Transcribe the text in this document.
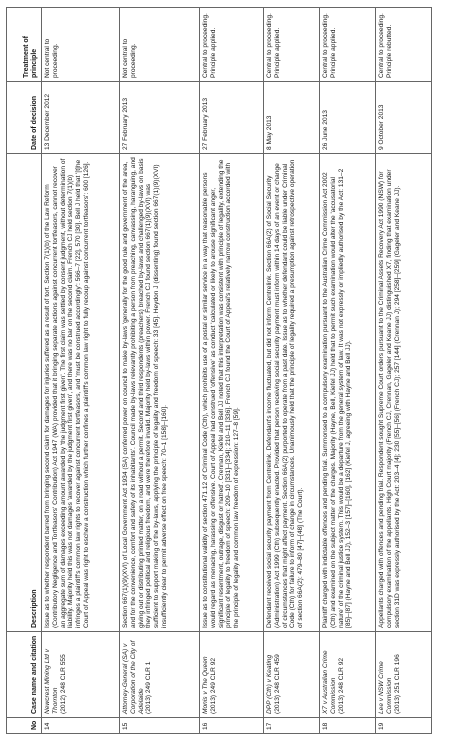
No	Case name and citation	Description	Date of decision	Treatment of principle
14	Newcrest Mining Ltd v Thornton (2012) 248 CLR 555	Issue as to whether respondent barred from bringing second claim for damages for injuries suffered as a result of tort. Section 7(1)(b) of the Law Reform (Contributory Negligence and Tortfeasors' Contribution) Act 1947 (WA) provided that it bringing separate actions against concurrent tortfeasors, cannot recover an aggregate sum of damages exceeding amount awarded by 'the judgment first given'. The first claim was settled by consent judgment, without determination of liability. Majority held this was not damages 'awarded by the judgment first given', and there was no bar on the second claim. French CJ held section 7(1)(b) infringes a plaintiff's common law rights to recover against concurrent tortfeasors, and 'must be construed accordingly': 566–7 [22], 570 [30]. Bell J held that '[t]he Court of Appeal was right to eschew a construction which further confines a plaintiff's common law right to fully recoup against concurrent tortfeasors': 600 [126].	13 December 2012	Not central to proceeding.
15	Attorney-General (SA) v Corporation of the City of Adelaide (2013) 249 CLR 1	Section 667(1)(9)(XVI) of Local Government Act 1934 (SA) conferred power on council to make by-laws 'generally for the good rule and government of the area, and for the convenience, comfort and safety of its inhabitants'. Council made by-laws relevantly prohibiting a person from preaching, canvassing, haranguing, and giving out or distributing printed matter, on a road without a permit. Second and third respondents (preachers) breached by-laws and challenged by-laws on basis they infringed political and religious freedom, and were therefore invalid. Majority held by-laws within power. French CJ found section 667(1)(9)(XVI) was sufficient to support making of the by-laws, applying the principle of legality and freedom of speech: 33 [45]. Heydon J (dissenting) found section 667(1)(9)(XVI) insufficiently clear to permit adverse effect on free speech: 70–1 [158]–[160].	27 February 2013	Not central to proceeding.
16	Monis v The Queen (2013) 249 CLR 92	Issue as to constitutional validity of section 471.12 of Criminal Code (Cth), which prohibits use of a postal or similar service in a way that reasonable persons would regard as menacing, harassing or offensive. Court of Appeal had construed 'offensive' as conduct 'calculated or likely to arouse significant anger, significant resentment, outrage, disgust or hatred'. Crennan, Kiefel and Bell JJ noted that this interpretation was consistent with principle of legality, extending the principle of legality to freedom of speech: 209–10 [331]–[334]; 210–11 [336]. French CJ found the Court of Appeal's relatively narrow construction accorded with the principle of legality and common law freedom of expression: 127–8 [59].	27 February 2013	Central to proceeding. Principle applied.
17	DPP (Cth) v Keating (2013) 248 CLR 459	Defendant received social security payment from Centrelink. Defendant's income fluctuated, but did not inform Centrelink. Section 66A(2) of Social Security (Administration) Act 1999 (Cth) subsequently enacted. Provided that person receiving social security payment must inform within 14 days of an event or change of circumstances that might affect payment. Section 66A(2) purported to operate from a past date. Issue as to whether defendant could be liable under Criminal Code (Cth) for failure to inform of change in circumstances. Unanimously held that the principle of legality required a presumption against retrospective operation of section 66A(2): 479–80 [47]–[48] (The Court).	8 May 2013	Central to proceeding. Principle applied.
18	X7 v Australian Crime Commission (2013) 248 CLR 92	Plaintiff charged with indictable offences and pending trial. Summonsed to a compulsory examination pursuant to the Australian Crime Commission Act 2002 (Cth) and examined on the subject matter of the charges. Majority (Hayne, Bell, Kiefel JJ) held that to permit such examination would alter the 'accusatorial nature' of the criminal justice system. This would be a departure from the general system of law. It was not expressly or impliedly authorised by the Act: 131–2 [85]–[87] (Hayne and Bell JJ), 152–3 [157]–[160], [162] (Kiefel J, agreeing with Hayne and Bell JJ).	26 June 2013	Central to proceeding. Principle applied.
19	Lee v NSW Crime Commission (2013) 251 CLR 196	Appellants charged with offences and pending trial. Respondent sought Supreme Court orders pursuant to the Criminal Assets Recovery Act 1990 (NSW) for compulsory examination of the appellants. High Court majority (French CJ, Crennan, Gageler and Keane JJ) distinguished X7, finding that examination under section 31D was expressly authorised by the Act: 203–4 [4]; 230 [55]–[56] (French CJ); 257 [144] (Crennan J); 294 [258]–[259] (Gageler and Keane JJ).	9 October 2013	Central to proceeding. Principle rebutted.
